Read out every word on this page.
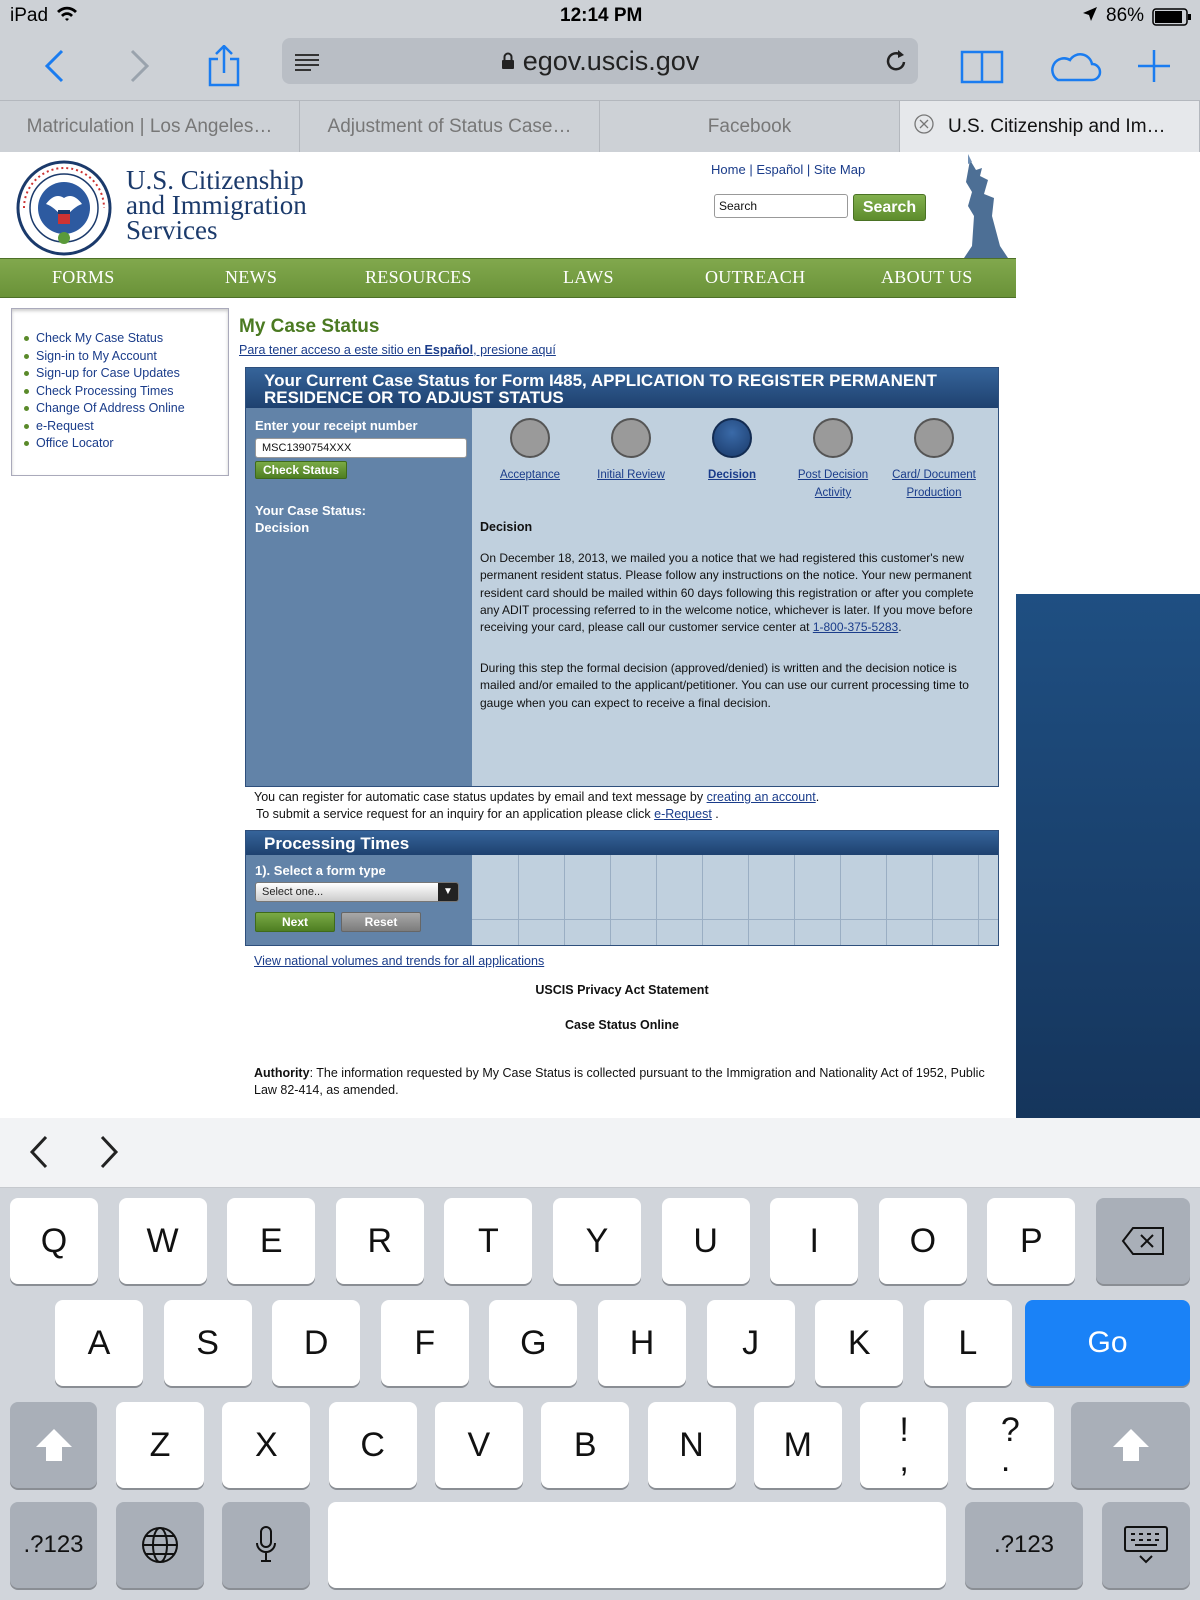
iPad	12:14 PM	86%
egov.uscis.gov
Matriculation | Los Angeles…	Adjustment of Status Case…	Facebook	U.S. Citizenship and Im…
U.S. Citizenship
and Immigration
Services
Home | Español | Site Map
Search	Search
FORMS	NEWS	RESOURCES	LAWS	OUTREACH	ABOUT US
Check My Case Status
Sign-in to My Account
Sign-up for Case Updates
Check Processing Times
Change Of Address Online
e-Request
Office Locator
My Case Status
Para tener acceso a este sitio en Español, presione aquí
Your Current Case Status for Form I485, APPLICATION TO REGISTER PERMANENT
RESIDENCE OR TO ADJUST STATUS
Enter your receipt number
MSC1390754XXX
Check Status
Your Case Status:
Decision
Acceptance	Initial Review	Decision	Post Decision
Activity
Card/ Document
Production
Decision
On December 18, 2013, we mailed you a notice that we had registered this customer's new permanent resident status. Please follow any instructions on the notice. Your new permanent resident card should be mailed within 60 days following this registration or after you complete any ADIT processing referred to in the welcome notice, whichever is later. If you move before receiving your card, please call our customer service center at 1-800-375-5283.
During this step the formal decision (approved/denied) is written and the decision notice is mailed and/or emailed to the applicant/petitioner. You can use our current processing time to gauge when you can expect to receive a final decision.
You can register for automatic case status updates by email and text message by creating an account.
To submit a service request for an inquiry for an application please click e-Request .
Processing Times
1). Select a form type
Select one...	▼
Next	Reset
View national volumes and trends for all applications
USCIS Privacy Act Statement
Case Status Online
Authority: The information requested by My Case Status is collected pursuant to the Immigration and Nationality Act of 1952, Public Law 82-414, as amended.
Q	W	E	R	T	Y	U	I	O	P
A	S	D	F	G	H	J	K	L	Go
Z	X	C	V	B	N	M	!
,
?
.
.?123	.?123
